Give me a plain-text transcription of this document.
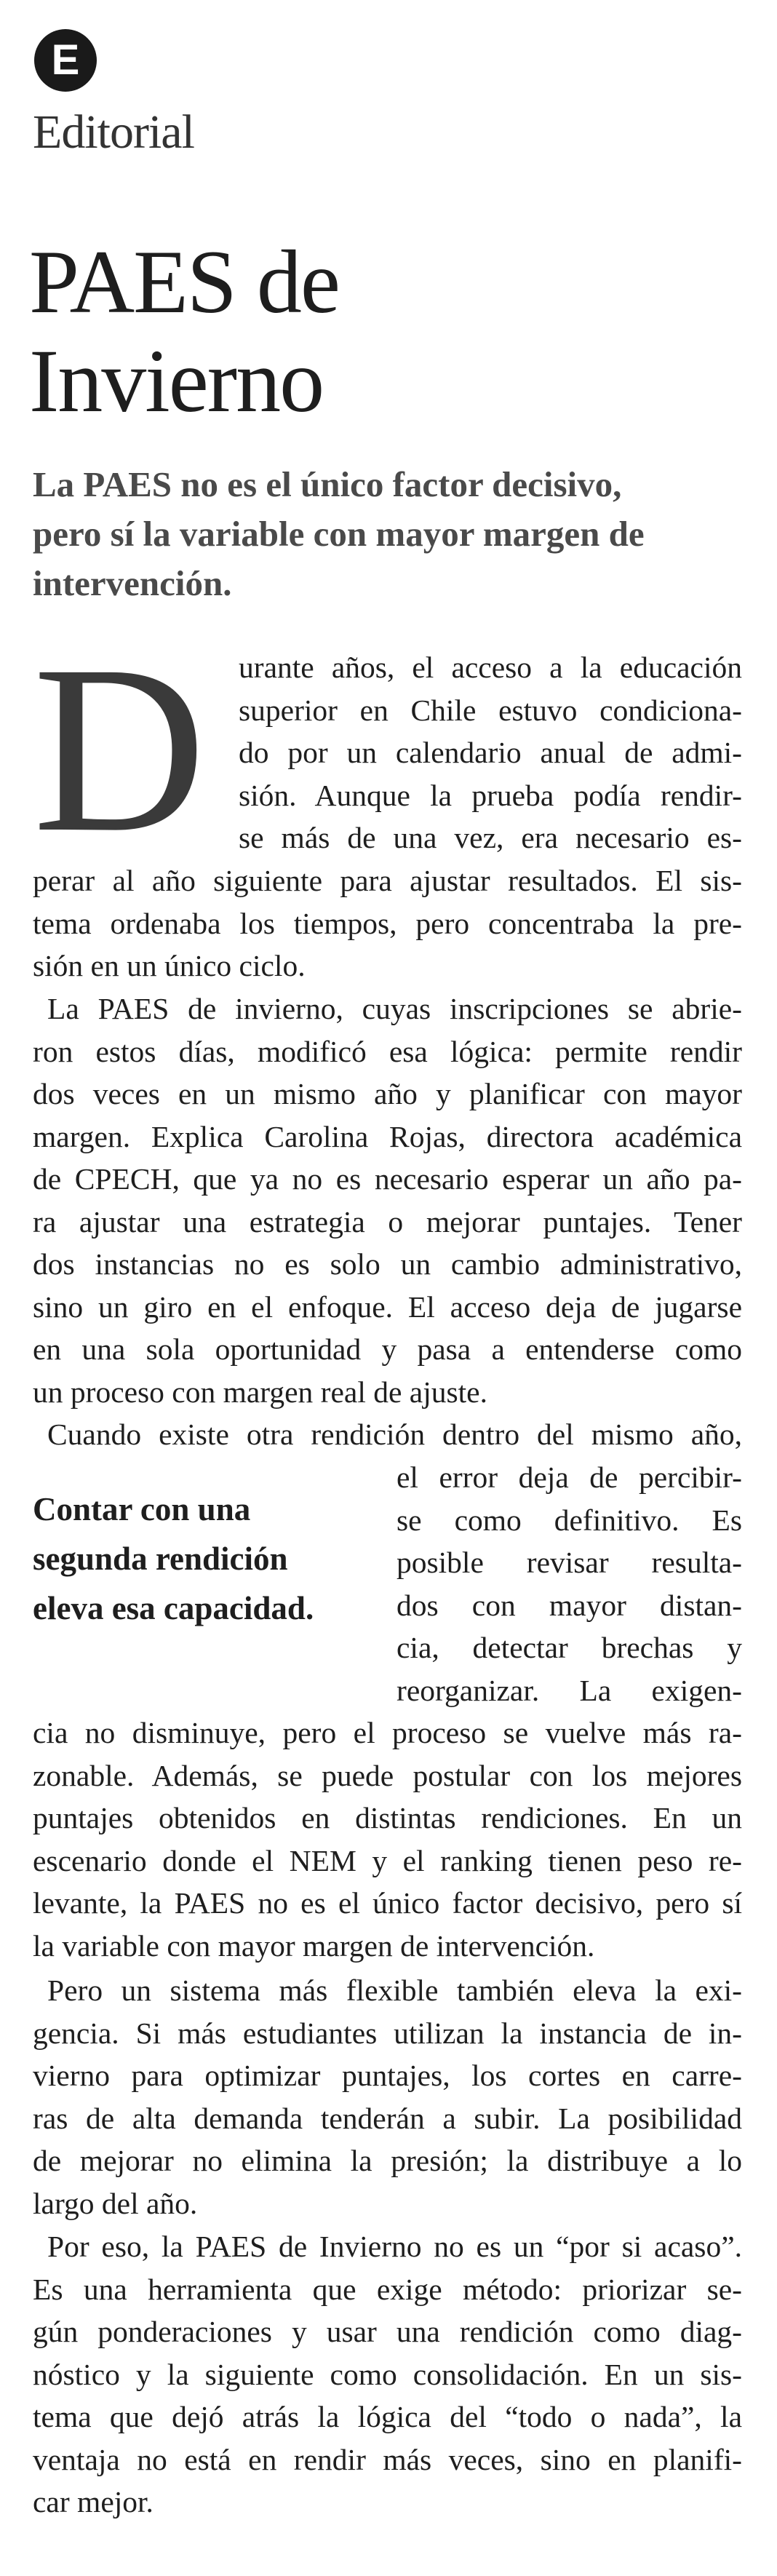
E
Editorial
PAES de
Invierno
La PAES no es el único factor decisivo,
pero sí la variable con mayor margen de
intervención.
D urante años, el acceso a la educación
superior en Chile estuvo condiciona-
do por un calendario anual de admi-
sión. Aunque la prueba podía rendir-
se más de una vez, era necesario es-
perar al año siguiente para ajustar resultados. El sis-
tema ordenaba los tiempos, pero concentraba la pre-
sión en un único ciclo.
La PAES de invierno, cuyas inscripciones se abrie-
ron estos días, modificó esa lógica: permite rendir
dos veces en un mismo año y planificar con mayor
margen. Explica Carolina Rojas, directora académica
de CPECH, que ya no es necesario esperar un año pa-
ra ajustar una estrategia o mejorar puntajes. Tener
dos instancias no es solo un cambio administrativo,
sino un giro en el enfoque. El acceso deja de jugarse
en una sola oportunidad y pasa a entenderse como
un proceso con margen real de ajuste.
Cuando existe otra rendición dentro del mismo año,
Contar con una
segunda rendición
eleva esa capacidad.
el error deja de percibir-
se como definitivo. Es
posible revisar resulta-
dos con mayor distan-
cia, detectar brechas y
reorganizar. La exigen-
cia no disminuye, pero el proceso se vuelve más ra-
zonable. Además, se puede postular con los mejores
puntajes obtenidos en distintas rendiciones. En un
escenario donde el NEM y el ranking tienen peso re-
levante, la PAES no es el único factor decisivo, pero sí
la variable con mayor margen de intervención.
Pero un sistema más flexible también eleva la exi-
gencia. Si más estudiantes utilizan la instancia de in-
vierno para optimizar puntajes, los cortes en carre-
ras de alta demanda tenderán a subir. La posibilidad
de mejorar no elimina la presión; la distribuye a lo
largo del año.
Por eso, la PAES de Invierno no es un “por si acaso”.
Es una herramienta que exige método: priorizar se-
gún ponderaciones y usar una rendición como diag-
nóstico y la siguiente como consolidación. En un sis-
tema que dejó atrás la lógica del “todo o nada”, la
ventaja no está en rendir más veces, sino en planifi-
car mejor.
